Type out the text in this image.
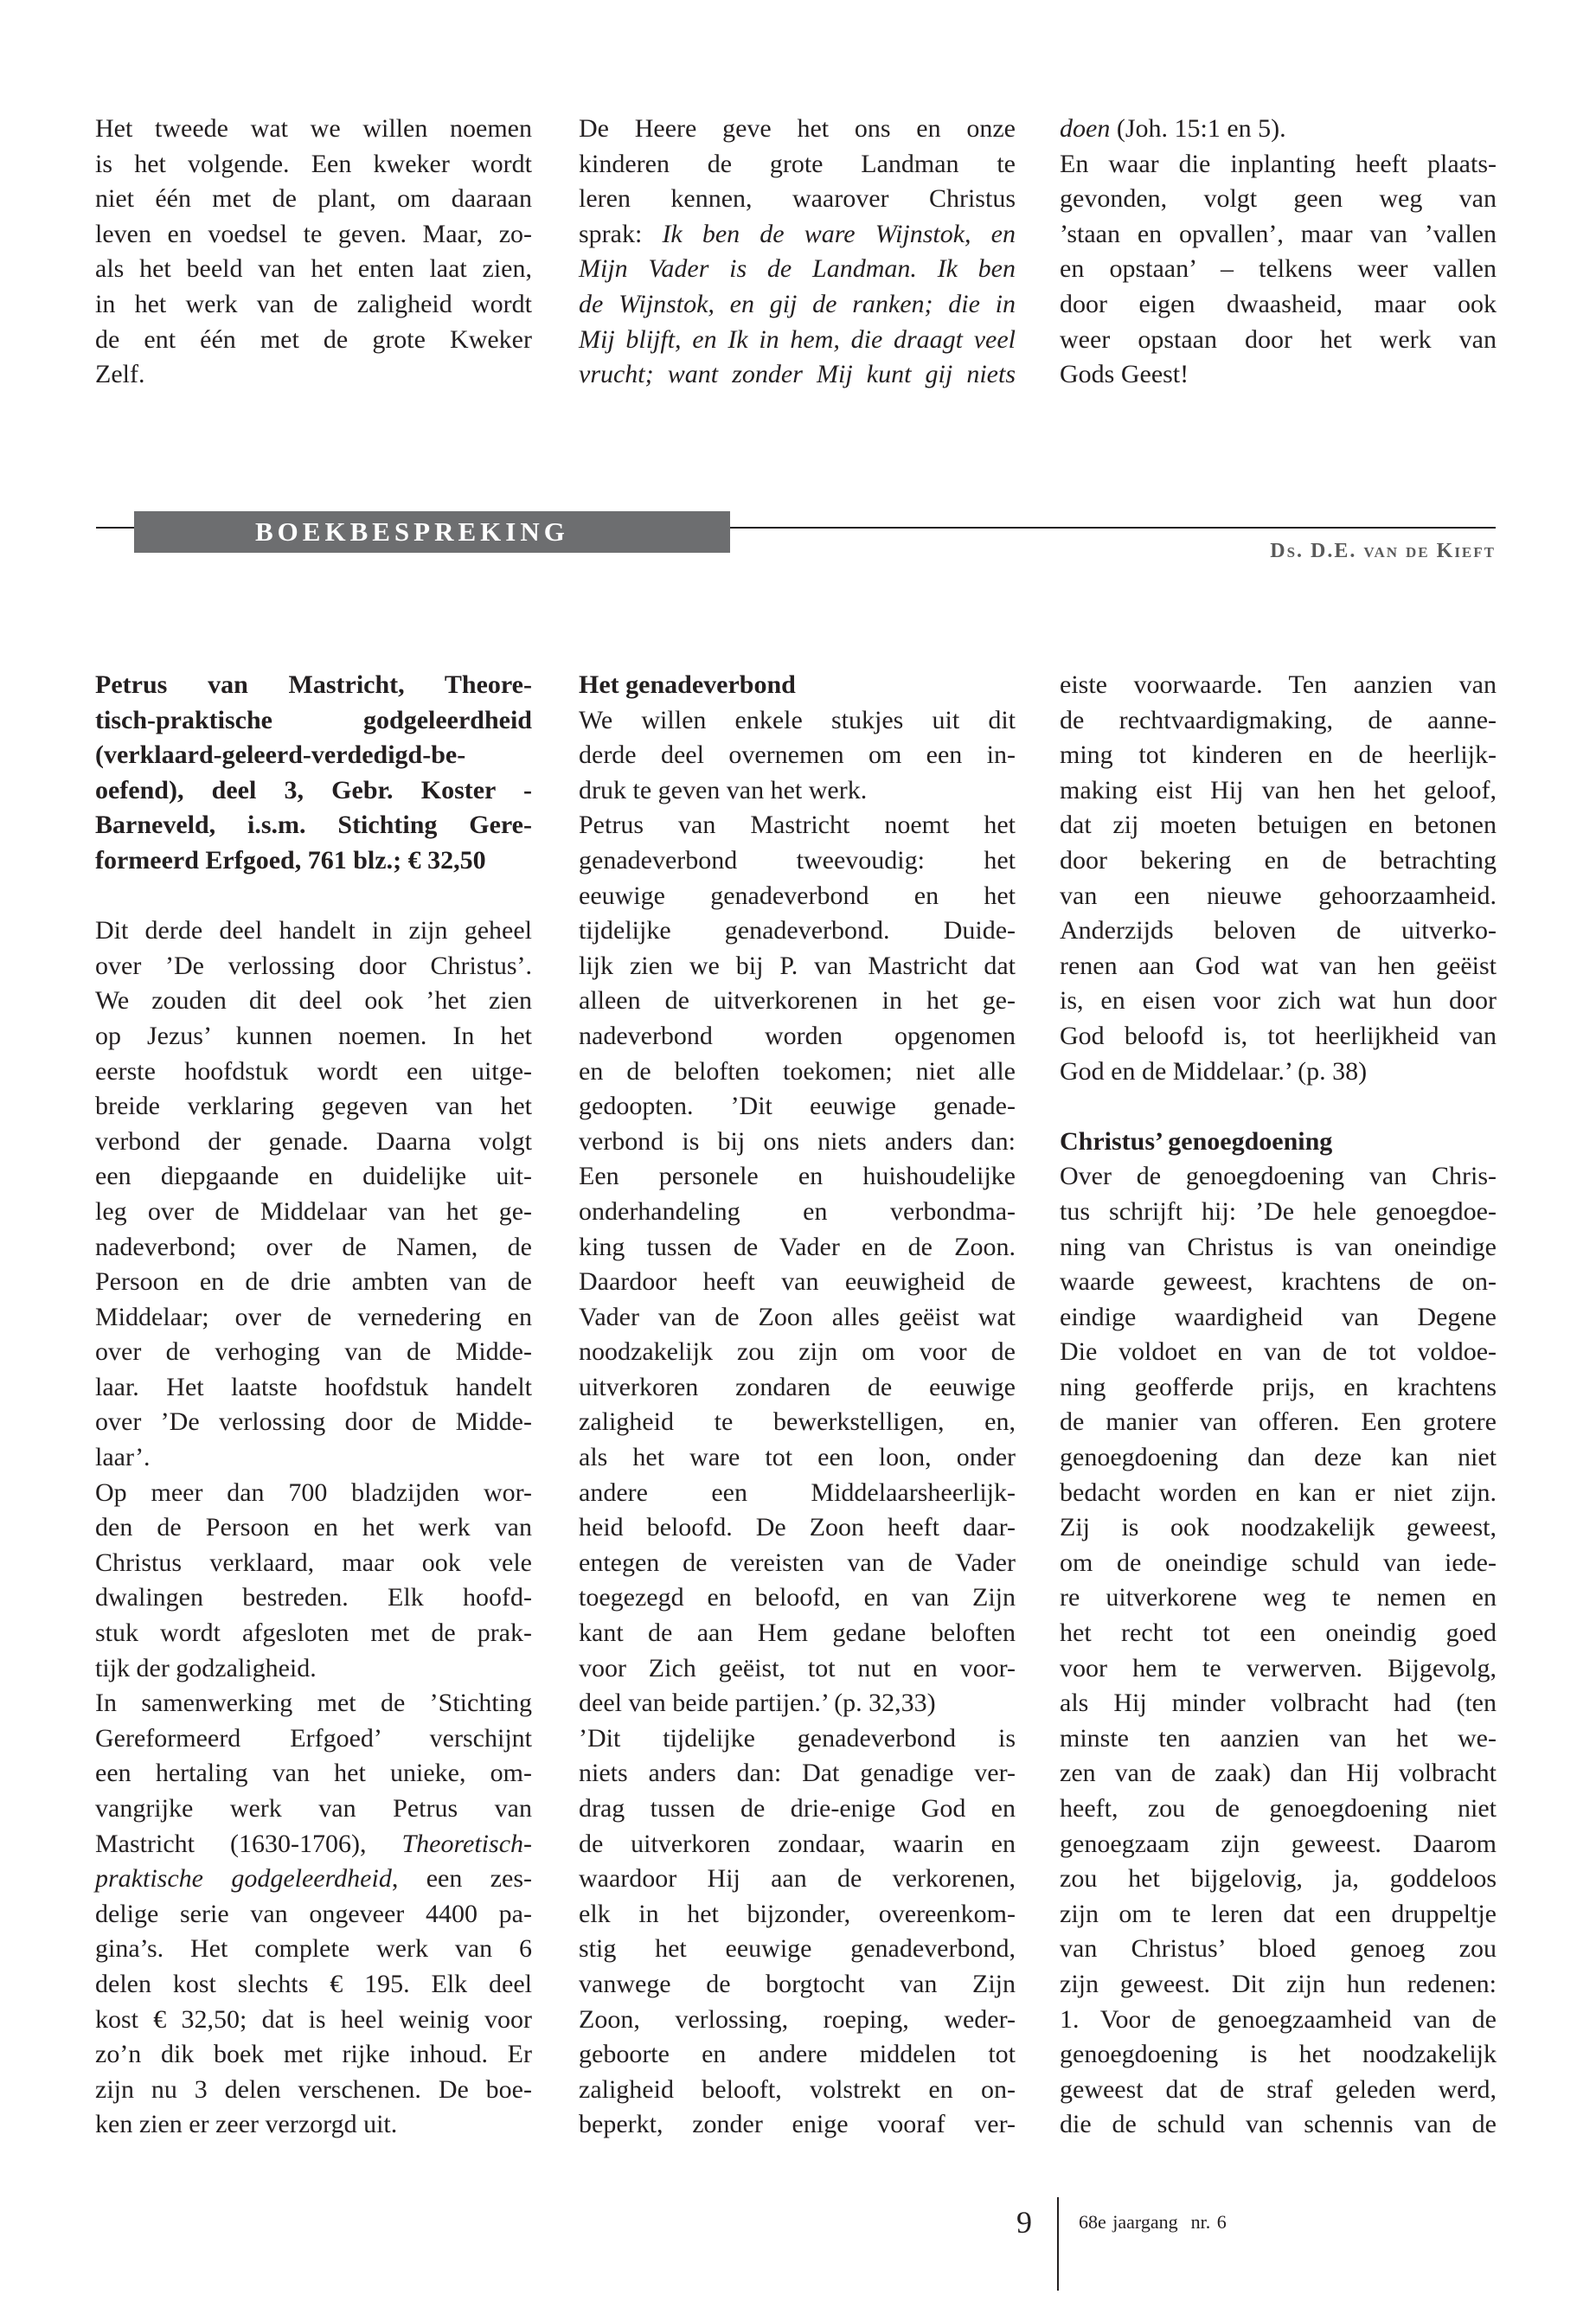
Het tweede wat we willen noemen
is het volgende. Een kweker wordt
niet één met de plant, om daaraan
leven en voedsel te geven. Maar, zo-
als het beeld van het enten laat zien,
in het werk van de zaligheid wordt
de ent één met de grote Kweker
Zelf.
De Heere geve het ons en onze
kinderen de grote Landman te
leren kennen, waarover Christus
sprak: Ik ben de ware Wijnstok, en
Mijn Vader is de Landman. Ik ben
de Wijnstok, en gij de ranken; die in
Mij blijft, en Ik in hem, die draagt veel
vrucht; want zonder Mij kunt gij niets
doen (Joh. 15:1 en 5).
En waar die inplanting heeft plaats-
gevonden, volgt geen weg van
’staan en opvallen’, maar van ’vallen
en opstaan’ – telkens weer vallen
door eigen dwaasheid, maar ook
weer opstaan door het werk van
Gods Geest!
BOEKBESPREKING
Ds. D.E. van de Kieft
Petrus van Mastricht, Theore-
tisch-praktische godgeleerdheid
(verklaard-geleerd-verdedigd-be-
oefend), deel 3, Gebr. Koster -
Barneveld, i.s.m. Stichting Gere-
formeerd Erfgoed, 761 blz.; € 32,50
Dit derde deel handelt in zijn geheel
over ’De verlossing door Christus’.
We zouden dit deel ook ’het zien
op Jezus’ kunnen noemen. In het
eerste hoofdstuk wordt een uitge-
breide verklaring gegeven van het
verbond der genade. Daarna volgt
een diepgaande en duidelijke uit-
leg over de Middelaar van het ge-
nadeverbond; over de Namen, de
Persoon en de drie ambten van de
Middelaar; over de vernedering en
over de verhoging van de Midde-
laar. Het laatste hoofdstuk handelt
over ’De verlossing door de Midde-
laar’.
Op meer dan 700 bladzijden wor-
den de Persoon en het werk van
Christus verklaard, maar ook vele
dwalingen bestreden. Elk hoofd-
stuk wordt afgesloten met de prak-
tijk der godzaligheid.
In samenwerking met de ’Stichting
Gereformeerd Erfgoed’ verschijnt
een hertaling van het unieke, om-
vangrijke werk van Petrus van
Mastricht (1630-1706), Theoretisch-
praktische godgeleerdheid, een zes-
delige serie van ongeveer 4400 pa-
gina’s. Het complete werk van 6
delen kost slechts € 195. Elk deel
kost € 32,50; dat is heel weinig voor
zo’n dik boek met rijke inhoud. Er
zijn nu 3 delen verschenen. De boe-
ken zien er zeer verzorgd uit.
Het genadeverbond
We willen enkele stukjes uit dit
derde deel overnemen om een in-
druk te geven van het werk.
Petrus van Mastricht noemt het
genadeverbond tweevoudig: het
eeuwige genadeverbond en het
tijdelijke genadeverbond. Duide-
lijk zien we bij P. van Mastricht dat
alleen de uitverkorenen in het ge-
nadeverbond worden opgenomen
en de beloften toekomen; niet alle
gedoopten. ’Dit eeuwige genade-
verbond is bij ons niets anders dan:
Een personele en huishoudelijke
onderhandeling en verbondma-
king tussen de Vader en de Zoon.
Daardoor heeft van eeuwigheid de
Vader van de Zoon alles geëist wat
noodzakelijk zou zijn om voor de
uitverkoren zondaren de eeuwige
zaligheid te bewerkstelligen, en,
als het ware tot een loon, onder
andere een Middelaarsheerlijk-
heid beloofd. De Zoon heeft daar-
entegen de vereisten van de Vader
toegezegd en beloofd, en van Zijn
kant de aan Hem gedane beloften
voor Zich geëist, tot nut en voor-
deel van beide partijen.’ (p. 32,33)
’Dit tijdelijke genadeverbond is
niets anders dan: Dat genadige ver-
drag tussen de drie-enige God en
de uitverkoren zondaar, waarin en
waardoor Hij aan de verkorenen,
elk in het bijzonder, overeenkom-
stig het eeuwige genadeverbond,
vanwege de borgtocht van Zijn
Zoon, verlossing, roeping, weder-
geboorte en andere middelen tot
zaligheid belooft, volstrekt en on-
beperkt, zonder enige vooraf ver-
eiste voorwaarde. Ten aanzien van
de rechtvaardigmaking, de aanne-
ming tot kinderen en de heerlijk-
making eist Hij van hen het geloof,
dat zij moeten betuigen en betonen
door bekering en de betrachting
van een nieuwe gehoorzaamheid.
Anderzijds beloven de uitverko-
renen aan God wat van hen geëist
is, en eisen voor zich wat hun door
God beloofd is, tot heerlijkheid van
God en de Middelaar.’ (p. 38)
Christus’ genoegdoening
Over de genoegdoening van Chris-
tus schrijft hij: ’De hele genoegdoe-
ning van Christus is van oneindige
waarde geweest, krachtens de on-
eindige waardigheid van Degene
Die voldoet en van de tot voldoe-
ning geofferde prijs, en krachtens
de manier van offeren. Een grotere
genoegdoening dan deze kan niet
bedacht worden en kan er niet zijn.
Zij is ook noodzakelijk geweest,
om de oneindige schuld van iede-
re uitverkorene weg te nemen en
het recht tot een oneindig goed
voor hem te verwerven. Bijgevolg,
als Hij minder volbracht had (ten
minste ten aanzien van het we-
zen van de zaak) dan Hij volbracht
heeft, zou de genoegdoening niet
genoegzaam zijn geweest. Daarom
zou het bijgelovig, ja, goddeloos
zijn om te leren dat een druppeltje
van Christus’ bloed genoeg zou
zijn geweest. Dit zijn hun redenen:
1. Voor de genoegzaamheid van de
genoegdoening is het noodzakelijk
geweest dat de straf geleden werd,
die de schuld van schennis van de
9 68e jaargang  nr. 6
